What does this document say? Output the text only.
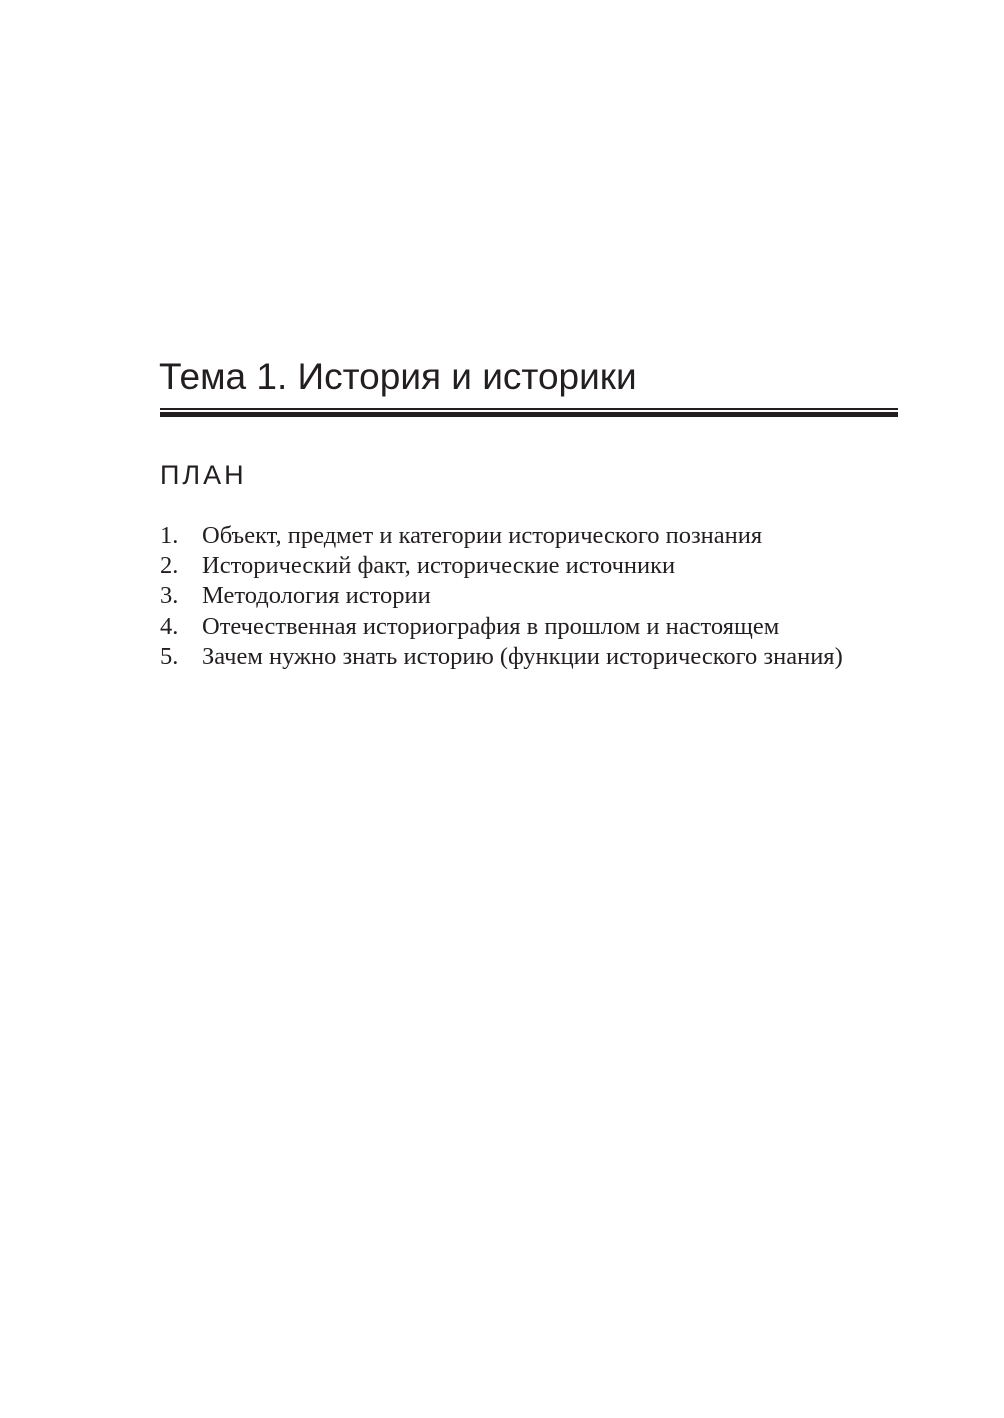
Тема 1. История и историки
ПЛАН
1. Объект, предмет и категории исторического познания
2. Исторический факт, исторические источники
3. Методология истории
4. Отечественная историография в прошлом и настоящем
5. Зачем нужно знать историю (функции исторического знания)
